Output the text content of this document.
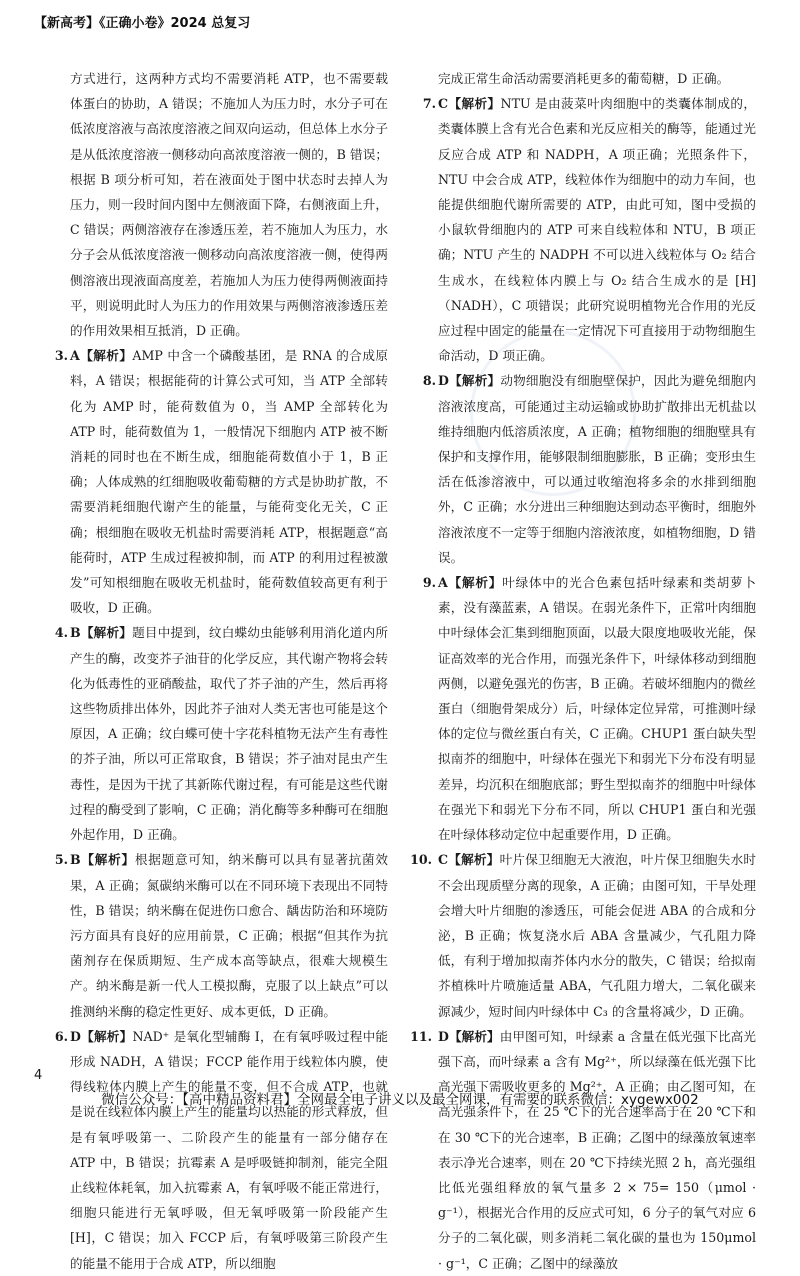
【新高考】《正确小卷》2024 总复习

方式进行，这两种方式均不需要消耗 ATP，也不需要载体蛋白的协助，A 错误；不施加人为压力时，水分子可在低浓度溶液与高浓度溶液之间双向运动，但总体上水分子是从低浓度溶液一侧移动向高浓度溶液一侧的，B 错误；根据 B 项分析可知，若在液面处于图中状态时去掉人为压力，则一段时间内图中左侧液面下降，右侧液面上升，C 错误；两侧溶液存在渗透压差，若不施加人为压力，水分子会从低浓度溶液一侧移动向高浓度溶液一侧，使得两侧溶液出现液面高度差，若施加人为压力使得两侧液面持平，则说明此时人为压力的作用效果与两侧溶液渗透压差的作用效果相互抵消，D 正确。

3. A【解析】AMP 中含一个磷酸基团，是 RNA 的合成原料，A 错误；根据能荷的计算公式可知，当 ATP 全部转化为 AMP 时，能荷数值为 0，当 AMP 全部转化为 ATP 时，能荷数值为 1，一般情况下细胞内 ATP 被不断消耗的同时也在不断生成，细胞能荷数值小于 1，B 正确；人体成熟的红细胞吸收葡萄糖的方式是协助扩散，不需要消耗细胞代谢产生的能量，与能荷变化无关，C 正确；根细胞在吸收无机盐时需要消耗 ATP，根据题意“高能荷时，ATP 生成过程被抑制，而 ATP 的利用过程被激发”可知根细胞在吸收无机盐时，能荷数值较高更有利于吸收，D 正确。

4. B【解析】题目中提到，纹白蝶幼虫能够利用消化道内所产生的酶，改变芥子油苷的化学反应，其代谢产物将会转化为低毒性的亚硝酸盐，取代了芥子油的产生，然后再将这些物质排出体外，因此芥子油对人类无害也可能是这个原因，A 正确；纹白蝶可使十字花科植物无法产生有毒性的芥子油，所以可正常取食，B 错误；芥子油对昆虫产生毒性，是因为干扰了其新陈代谢过程，有可能是这些代谢过程的酶受到了影响，C 正确；消化酶等多种酶可在细胞外起作用，D 正确。

5. B【解析】根据题意可知，纳米酶可以具有显著抗菌效果，A 正确；氮碳纳米酶可以在不同环境下表现出不同特性，B 错误；纳米酶在促进伤口愈合、龋齿防治和环境防污方面具有良好的应用前景，C 正确；根据“但其作为抗菌剂存在保质期短、生产成本高等缺点，很难大规模生产。纳米酶是新一代人工模拟酶，克服了以上缺点”可以推测纳米酶的稳定性更好、成本更低，D 正确。

6. D【解析】NAD⁺ 是氧化型辅酶 Ⅰ，在有氧呼吸过程中能形成 NADH，A 错误；FCCP 能作用于线粒体内膜，使得线粒体内膜上产生的能量不变，但不合成 ATP，也就是说在线粒体内膜上产生的能量均以热能的形式释放，但是有氧呼吸第一、二阶段产生的能量有一部分储存在 ATP 中，B 错误；抗霉素 A 是呼吸链抑制剂，能完全阻止线粒体耗氧，加入抗霉素 A，有氧呼吸不能正常进行，细胞只能进行无氧呼吸，但无氧呼吸第一阶段能产生 [H]，C 错误；加入 FCCP 后，有氧呼吸第三阶段产生的能量不能用于合成 ATP，所以细胞

完成正常生命活动需要消耗更多的葡萄糖，D 正确。

7. C【解析】NTU 是由菠菜叶肉细胞中的类囊体制成的，类囊体膜上含有光合色素和光反应相关的酶等，能通过光反应合成 ATP 和 NADPH，A 项正确；光照条件下，NTU 中会合成 ATP，线粒体作为细胞中的动力车间，也能提供细胞代谢所需要的 ATP，由此可知，图中受损的小鼠软骨细胞内的 ATP 可来自线粒体和 NTU，B 项正确；NTU 产生的 NADPH 不可以进入线粒体与 O₂ 结合生成水，在线粒体内膜上与 O₂ 结合生成水的是 [H]（NADH），C 项错误；此研究说明植物光合作用的光反应过程中固定的能量在一定情况下可直接用于动物细胞生命活动，D 项正确。

8. D【解析】动物细胞没有细胞壁保护，因此为避免细胞内溶液浓度高，可能通过主动运输或协助扩散排出无机盐以维持细胞内低溶质浓度，A 正确；植物细胞的细胞壁具有保护和支撑作用，能够限制细胞膨胀，B 正确；变形虫生活在低渗溶液中，可以通过收缩泡将多余的水排到细胞外，C 正确；水分进出三种细胞达到动态平衡时，细胞外溶液浓度不一定等于细胞内溶液浓度，如植物细胞，D 错误。

9. A【解析】叶绿体中的光合色素包括叶绿素和类胡萝卜素，没有藻蓝素，A 错误。在弱光条件下，正常叶肉细胞中叶绿体会汇集到细胞顶面，以最大限度地吸收光能，保证高效率的光合作用，而强光条件下，叶绿体移动到细胞两侧，以避免强光的伤害，B 正确。若破坏细胞内的微丝蛋白（细胞骨架成分）后，叶绿体定位异常，可推测叶绿体的定位与微丝蛋白有关，C 正确。CHUP1 蛋白缺失型拟南芥的细胞中，叶绿体在强光下和弱光下分布没有明显差异，均沉积在细胞底部；野生型拟南芥的细胞中叶绿体在强光下和弱光下分布不同，所以 CHUP1 蛋白和光强在叶绿体移动定位中起重要作用，D 正确。

10. C【解析】叶片保卫细胞无大液泡，叶片保卫细胞失水时不会出现质壁分离的现象，A 正确；由图可知，干旱处理会增大叶片细胞的渗透压，可能会促进 ABA 的合成和分泌，B 正确；恢复浇水后 ABA 含量减少，气孔阻力降低，有利于增加拟南芥体内水分的散失，C 错误；给拟南芥植株叶片喷施适量 ABA，气孔阻力增大，二氧化碳来源减少，短时间内叶绿体中 C₃ 的含量将减少，D 正确。

11. D【解析】由甲图可知，叶绿素 a 含量在低光强下比高光强下高，而叶绿素 a 含有 Mg²⁺，所以绿藻在低光强下比高光强下需吸收更多的 Mg²⁺，A 正确；由乙图可知，在高光强条件下，在 25 ℃下的光合速率高于在 20 ℃下和在 30 ℃下的光合速率，B 正确；乙图中的绿藻放氧速率表示净光合速率，则在 20 ℃下持续光照 2 h，高光强组比低光强组释放的氧气量多 2 × 75= 150（μmol · g⁻¹），根据光合作用的反应式可知，6 分子的氧气对应 6 分子的二氧化碳，则多消耗二氧化碳的量也为 150μmol · g⁻¹，C 正确；乙图中的绿藻放

4
微信公众号：【高中精品资料君】全网最全电子讲义以及最全网课，有需要的联系微信：xygewx002
